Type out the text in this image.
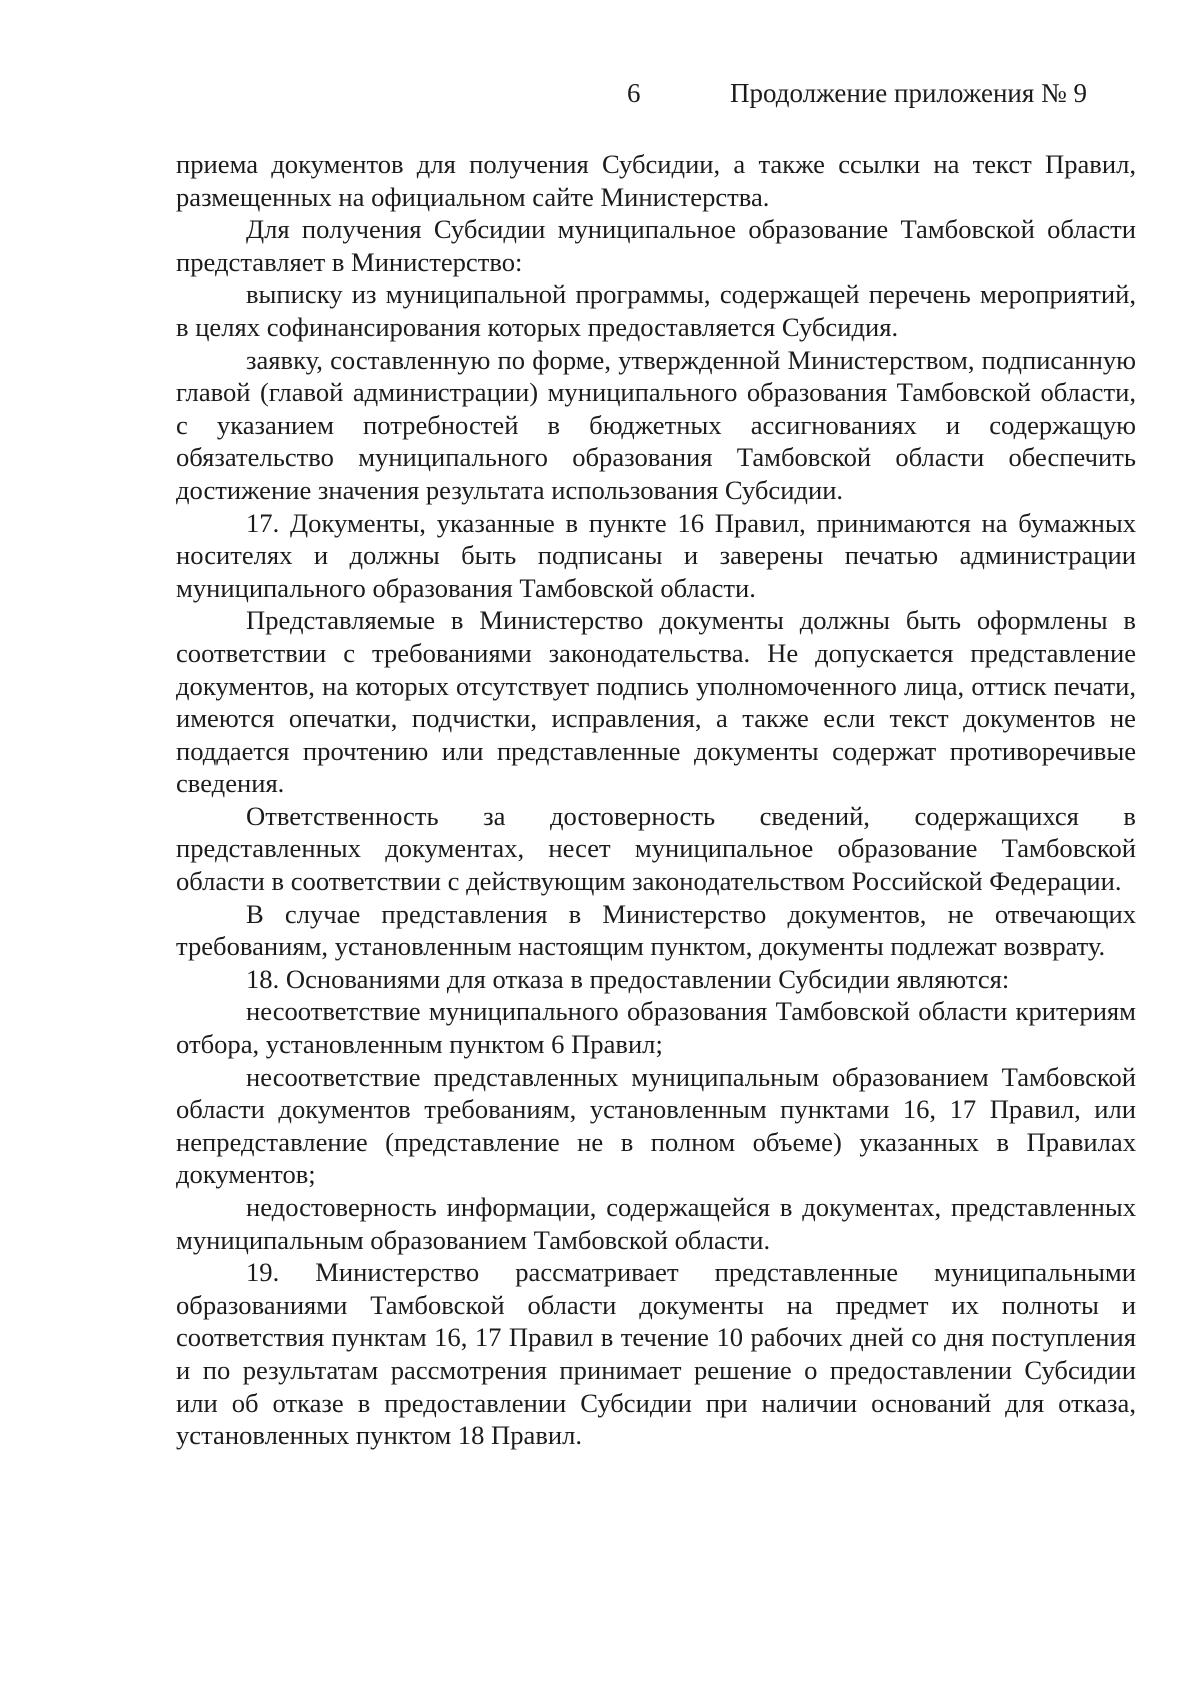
6	Продолжение приложения № 9

приема документов для получения Субсидии, а также ссылки на текст Правил, размещенных на официальном сайте Министерства.

Для получения Субсидии муниципальное образование Тамбовской области представляет в Министерство:

выписку из муниципальной программы, содержащей перечень мероприятий, в целях софинансирования которых предоставляется Субсидия.

заявку, составленную по форме, утвержденной Министерством, подписанную главой (главой администрации) муниципального образования Тамбовской области, с указанием потребностей в бюджетных ассигнованиях и содержащую обязательство муниципального образования Тамбовской области обеспечить достижение значения результата использования Субсидии.

17. Документы, указанные в пункте 16 Правил, принимаются на бумажных носителях и должны быть подписаны и заверены печатью администрации муниципального образования Тамбовской области.

Представляемые в Министерство документы должны быть оформлены в соответствии с требованиями законодательства. Не допускается представление документов, на которых отсутствует подпись уполномоченного лица, оттиск печати, имеются опечатки, подчистки, исправления, а также если текст документов не поддается прочтению или представленные документы содержат противоречивые сведения.

Ответственность за достоверность сведений, содержащихся в представленных документах, несет муниципальное образование Тамбовской области в соответствии с действующим законодательством Российской Федерации.

В случае представления в Министерство документов, не отвечающих требованиям, установленным настоящим пунктом, документы подлежат возврату.

18. Основаниями для отказа в предоставлении Субсидии являются:

несоответствие муниципального образования Тамбовской области критериям отбора, установленным пунктом 6 Правил;

несоответствие представленных муниципальным образованием Тамбовской области документов требованиям, установленным пунктами 16, 17 Правил, или непредставление (представление не в полном объеме) указанных в Правилах документов;

недостоверность информации, содержащейся в документах, представленных муниципальным образованием Тамбовской области.

19. Министерство рассматривает представленные муниципальными образованиями Тамбовской области документы на предмет их полноты и соответствия пунктам 16, 17 Правил в течение 10 рабочих дней со дня поступления и по результатам рассмотрения принимает решение о предоставлении Субсидии или об отказе в предоставлении Субсидии при наличии оснований для отказа, установленных пунктом 18 Правил.
